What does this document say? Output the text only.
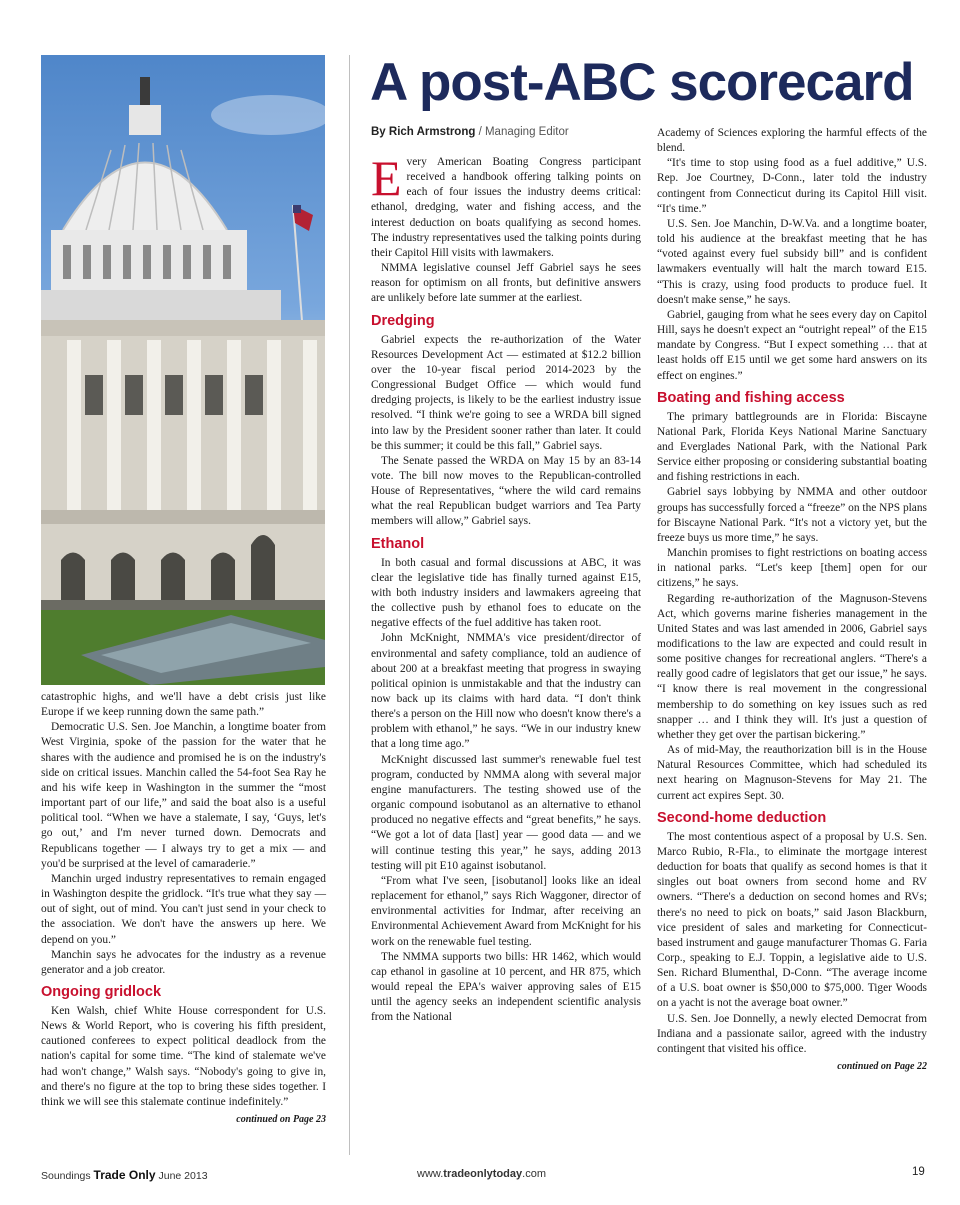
A post-ABC scorecard
By Rich Armstrong / Managing Editor

catastrophic highs, and we'll have a debt crisis just like Europe if we keep running down the same path.”

Democratic U.S. Sen. Joe Manchin, a longtime boater from West Virginia, spoke of the passion for the water that he shares with the audience and promised he is on the industry's side on critical issues. Manchin called the 54-foot Sea Ray he and his wife keep in Washington in the summer the “most important part of our life,” and said the boat also is a useful political tool. “When we have a stalemate, I say, ‘Guys, let's go out,’ and I'm never turned down. Democrats and Republicans together — I always try to get a mix — and you'd be surprised at the level of camaraderie.”

Manchin urged industry representatives to remain engaged in Washington despite the gridlock. “It's true what they say — out of sight, out of mind. You can't just send in your check to the association. We don't have the answers up here. We depend on you.”

Manchin says he advocates for the industry as a revenue generator and a job creator.

Ongoing gridlock

Ken Walsh, chief White House correspondent for U.S. News & World Report, who is covering his fifth president, cautioned conferees to expect political deadlock from the nation's capital for some time. “The kind of stalemate we've had won't change,” Walsh says. “Nobody's going to give in, and there's no figure at the top to bring these sides together. I think we will see this stalemate continue indefinitely.”

continued on Page 23

Every American Boating Congress participant received a handbook offering talking points on each of four issues the industry deems critical: ethanol, dredging, water and fishing access, and the interest deduction on boats qualifying as second homes. The industry representatives used the talking points during their Capitol Hill visits with lawmakers.

NMMA legislative counsel Jeff Gabriel says he sees reason for optimism on all fronts, but definitive answers are unlikely before late summer at the earliest.

Dredging

Gabriel expects the re-authorization of the Water Resources Development Act — estimated at $12.2 billion over the 10-year fiscal period 2014-2023 by the Congressional Budget Office — which would fund dredging projects, is likely to be the earliest industry issue resolved. “I think we're going to see a WRDA bill signed into law by the President sooner rather than later. It could be this summer; it could be this fall,” Gabriel says.

The Senate passed the WRDA on May 15 by an 83-14 vote. The bill now moves to the Republican-controlled House of Representatives, “where the wild card remains what the real Republican budget warriors and Tea Party members will allow,” Gabriel says.

Ethanol

In both casual and formal discussions at ABC, it was clear the legislative tide has finally turned against E15, with both industry insiders and lawmakers agreeing that the collective push by ethanol foes to educate on the negative effects of the fuel additive has taken root.

John McKnight, NMMA's vice president/director of environmental and safety compliance, told an audience of about 200 at a breakfast meeting that progress in swaying political opinion is unmistakable and that the industry can now back up its claims with hard data. “I don't think there's a person on the Hill now who doesn't know there's a problem with ethanol,” he says. “We in our industry knew that a long time ago.”

McKnight discussed last summer's renewable fuel test program, conducted by NMMA along with several major engine manufacturers. The testing showed use of the organic compound isobutanol as an alternative to ethanol produced no negative effects and “great benefits,” he says. “We got a lot of data [last] year — good data — and we will continue testing this year,” he says, adding 2013 testing will pit E10 against isobutanol.

“From what I've seen, [isobutanol] looks like an ideal replacement for ethanol,” says Rich Waggoner, director of environmental activities for Indmar, after receiving an Environmental Achievement Award from McKnight for his work on the renewable fuel testing.

The NMMA supports two bills: HR 1462, which would cap ethanol in gasoline at 10 percent, and HR 875, which would repeal the EPA's waiver approving sales of E15 until the agency seeks an independent scientific analysis from the National

Academy of Sciences exploring the harmful effects of the blend.

“It's time to stop using food as a fuel additive,” U.S. Rep. Joe Courtney, D-Conn., later told the industry contingent from Connecticut during its Capitol Hill visit. “It's time.”

U.S. Sen. Joe Manchin, D-W.Va. and a longtime boater, told his audience at the breakfast meeting that he has “voted against every fuel subsidy bill” and is confident lawmakers eventually will halt the march toward E15. “This is crazy, using food products to produce fuel. It doesn't make sense,” he says.

Gabriel, gauging from what he sees every day on Capitol Hill, says he doesn't expect an “outright repeal” of the E15 mandate by Congress. “But I expect something … that at least holds off E15 until we get some hard answers on its effect on engines.”

Boating and fishing access

The primary battlegrounds are in Florida: Biscayne National Park, Florida Keys National Marine Sanctuary and Everglades National Park, with the National Park Service either proposing or considering substantial boating and fishing restrictions in each.

Gabriel says lobbying by NMMA and other outdoor groups has successfully forced a “freeze” on the NPS plans for Biscayne National Park. “It's not a victory yet, but the freeze buys us more time,” he says.

Manchin promises to fight restrictions on boating access in national parks. “Let's keep [them] open for our citizens,” he says.

Regarding re-authorization of the Magnuson-Stevens Act, which governs marine fisheries management in the United States and was last amended in 2006, Gabriel says modifications to the law are expected and could result in some positive changes for recreational anglers. “There's a really good cadre of legislators that get our issue,” he says. “I know there is real movement in the congressional membership to do something on key issues such as red snapper … and I think they will. It's just a question of whether they get over the partisan bickering.”

As of mid-May, the reauthorization bill is in the House Natural Resources Committee, which had scheduled its next hearing on Magnuson-Stevens for May 21. The current act expires Sept. 30.

Second-home deduction

The most contentious aspect of a proposal by U.S. Sen. Marco Rubio, R-Fla., to eliminate the mortgage interest deduction for boats that qualify as second homes is that it singles out boat owners from second home and RV owners. “There's a deduction on second homes and RVs; there's no need to pick on boats,” said Jason Blackburn, vice president of sales and marketing for Connecticut-based instrument and gauge manufacturer Thomas G. Faria Corp., speaking to E.J. Toppin, a legislative aide to U.S. Sen. Richard Blumenthal, D-Conn. “The average income of a U.S. boat owner is $50,000 to $75,000. Tiger Woods on a yacht is not the average boat owner.”

U.S. Sen. Joe Donnelly, a newly elected Democrat from Indiana and a passionate sailor, agreed with the industry contingent that visited his office.

continued on Page 22
Soundings Trade Only June 2013	www.tradeonlytoday.com	19
